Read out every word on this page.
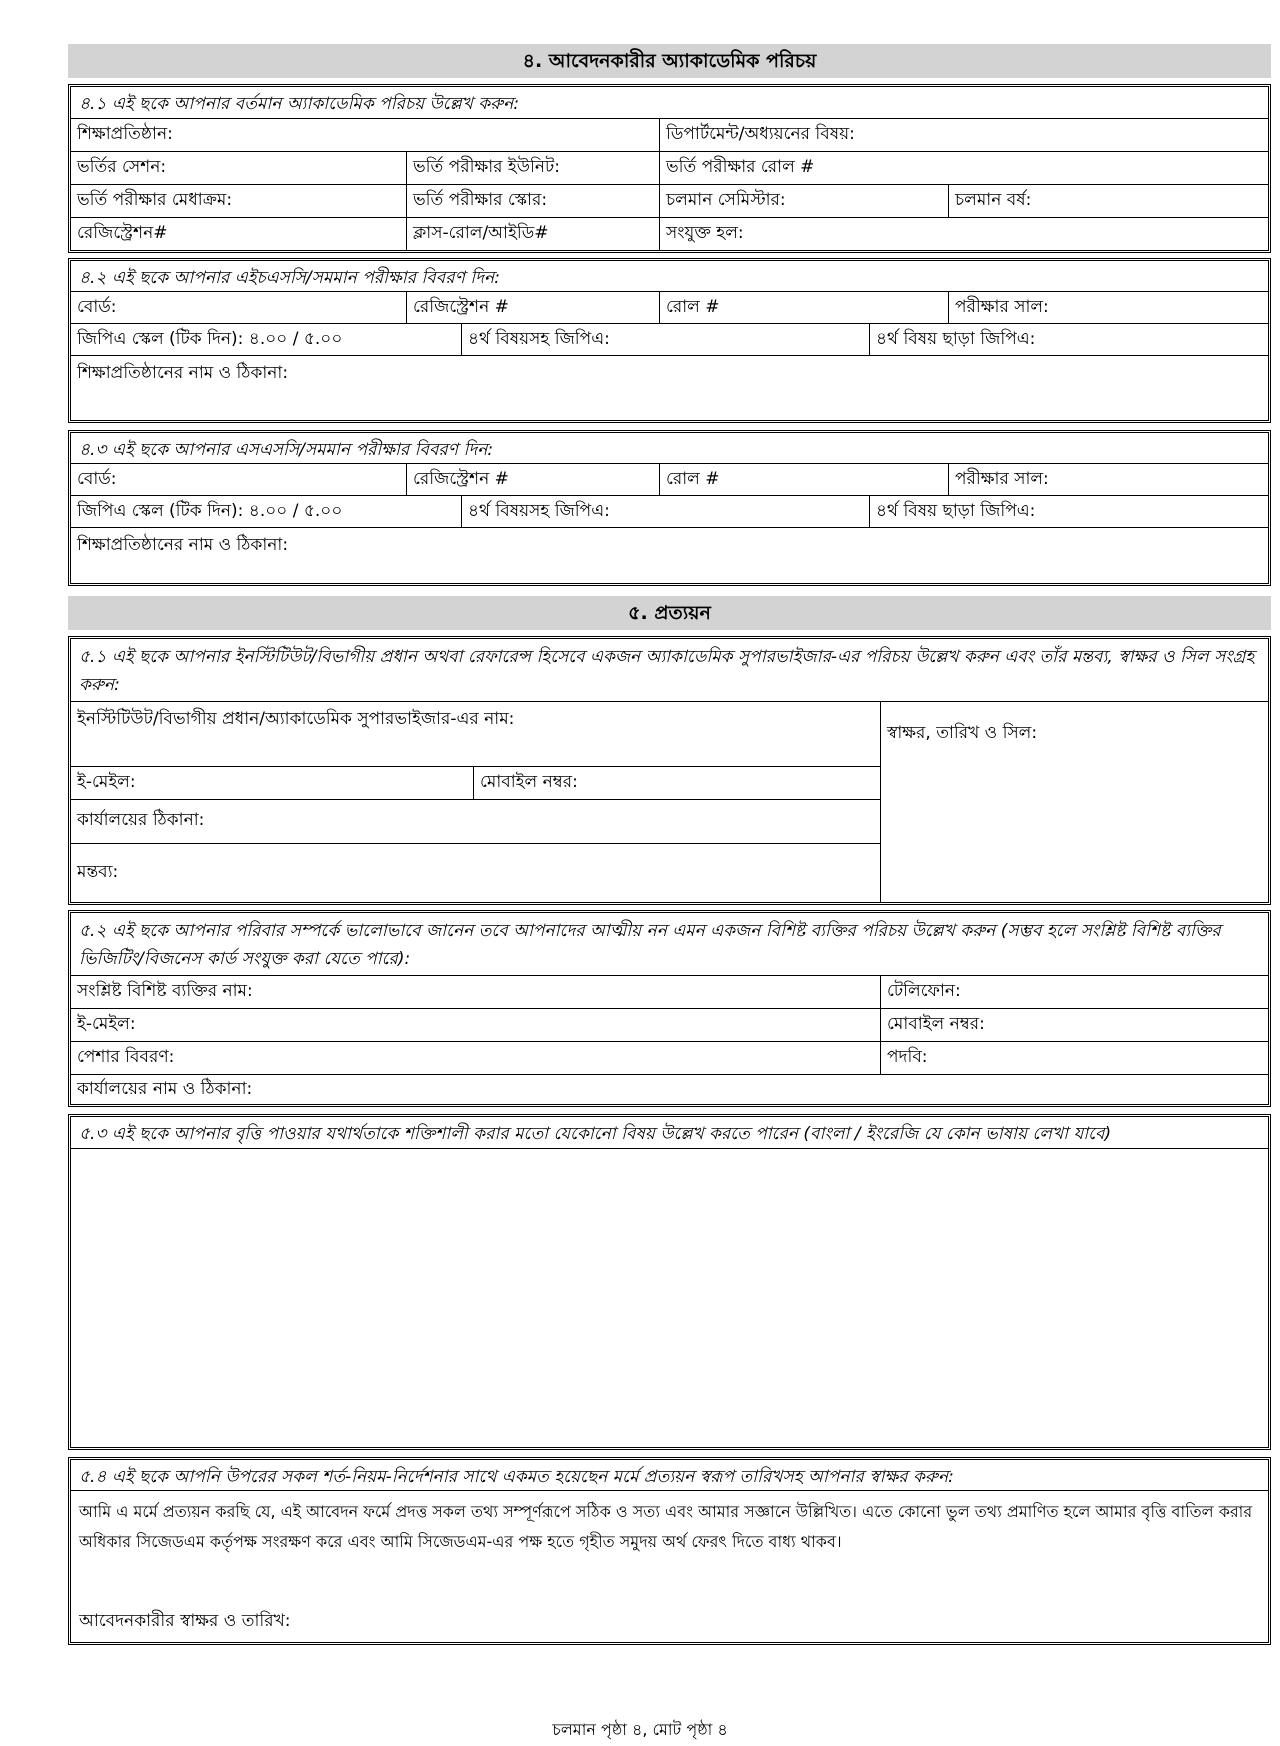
৪. আবেদনকারীর অ্যাকাডেমিক পরিচয়
৪.১ এই ছকে আপনার বর্তমান অ্যাকাডেমিক পরিচয় উল্লেখ করুন:
শিক্ষাপ্রতিষ্ঠান:	ডিপার্টমেন্ট/অধ্যয়নের বিষয়:
ভর্তির সেশন:	ভর্তি পরীক্ষার ইউনিট:	ভর্তি পরীক্ষার রোল #
ভর্তি পরীক্ষার মেধাক্রম:	ভর্তি পরীক্ষার স্কোর:	চলমান সেমিস্টার:	চলমান বর্ষ:
রেজিস্ট্রেশন#	ক্লাস-রোল/আইডি#	সংযুক্ত হল:
৪.২ এই ছকে আপনার এইচএসসি/সমমান পরীক্ষার বিবরণ দিন:
বোর্ড:	রেজিস্ট্রেশন #	রোল #	পরীক্ষার সাল:
জিপিএ স্কেল (টিক দিন): ৪.০০ / ৫.০০	৪র্থ বিষয়সহ জিপিএ:	৪র্থ বিষয় ছাড়া জিপিএ:
শিক্ষাপ্রতিষ্ঠানের নাম ও ঠিকানা:
৪.৩ এই ছকে আপনার এসএসসি/সমমান পরীক্ষার বিবরণ দিন:
বোর্ড:	রেজিস্ট্রেশন #	রোল #	পরীক্ষার সাল:
জিপিএ স্কেল (টিক দিন): ৪.০০ / ৫.০০	৪র্থ বিষয়সহ জিপিএ:	৪র্থ বিষয় ছাড়া জিপিএ:
শিক্ষাপ্রতিষ্ঠানের নাম ও ঠিকানা:
৫. প্রত্যয়ন
৫.১ এই ছকে আপনার ইনস্টিটিউট/বিভাগীয় প্রধান অথবা রেফারেন্স হিসেবে একজন অ্যাকাডেমিক সুপারভাইজার-এর পরিচয় উল্লেখ করুন এবং তাঁর মন্তব্য, স্বাক্ষর ও সিল সংগ্রহ করুন:
ইনস্টিটিউট/বিভাগীয় প্রধান/অ্যাকাডেমিক সুপারভাইজার-এর নাম:
ই-মেইল:	মোবাইল নম্বর:
কার্যালয়ের ঠিকানা:
মন্তব্য:
স্বাক্ষর, তারিখ ও সিল:
৫.২ এই ছকে আপনার পরিবার সম্পর্কে ভালোভাবে জানেন তবে আপনাদের আত্মীয় নন এমন একজন বিশিষ্ট ব্যক্তির পরিচয় উল্লেখ করুন (সম্ভব হলে সংশ্লিষ্ট বিশিষ্ট ব্যক্তির ভিজিটিং/বিজনেস কার্ড সংযুক্ত করা যেতে পারে):
সংশ্লিষ্ট বিশিষ্ট ব্যক্তির নাম:	টেলিফোন:
ই-মেইল:	মোবাইল নম্বর:
পেশার বিবরণ:	পদবি:
কার্যালয়ের নাম ও ঠিকানা:
৫.৩ এই ছকে আপনার বৃত্তি পাওয়ার যথার্থতাকে শক্তিশালী করার মতো যেকোনো বিষয় উল্লেখ করতে পারেন (বাংলা / ইংরেজি যে কোন ভাষায় লেখা যাবে)
৫.৪ এই ছকে আপনি উপরের সকল শর্ত-নিয়ম-নির্দেশনার সাথে একমত হয়েছেন মর্মে প্রত্যয়ন স্বরূপ তারিখসহ আপনার স্বাক্ষর করুন:
আমি এ মর্মে প্রত্যয়ন করছি যে, এই আবেদন ফর্মে প্রদত্ত সকল তথ্য সম্পূর্ণরূপে সঠিক ও সত্য এবং আমার সজ্ঞানে উল্লিখিত। এতে কোনো ভুল তথ্য প্রমাণিত হলে আমার বৃত্তি বাতিল করার অধিকার সিজেডএম কর্তৃপক্ষ সংরক্ষণ করে এবং আমি সিজেডএম-এর পক্ষ হতে গৃহীত সমুদয় অর্থ ফেরৎ দিতে বাধ্য থাকব।
আবেদনকারীর স্বাক্ষর ও তারিখ:
চলমান পৃষ্ঠা ৪, মোট পৃষ্ঠা ৪
